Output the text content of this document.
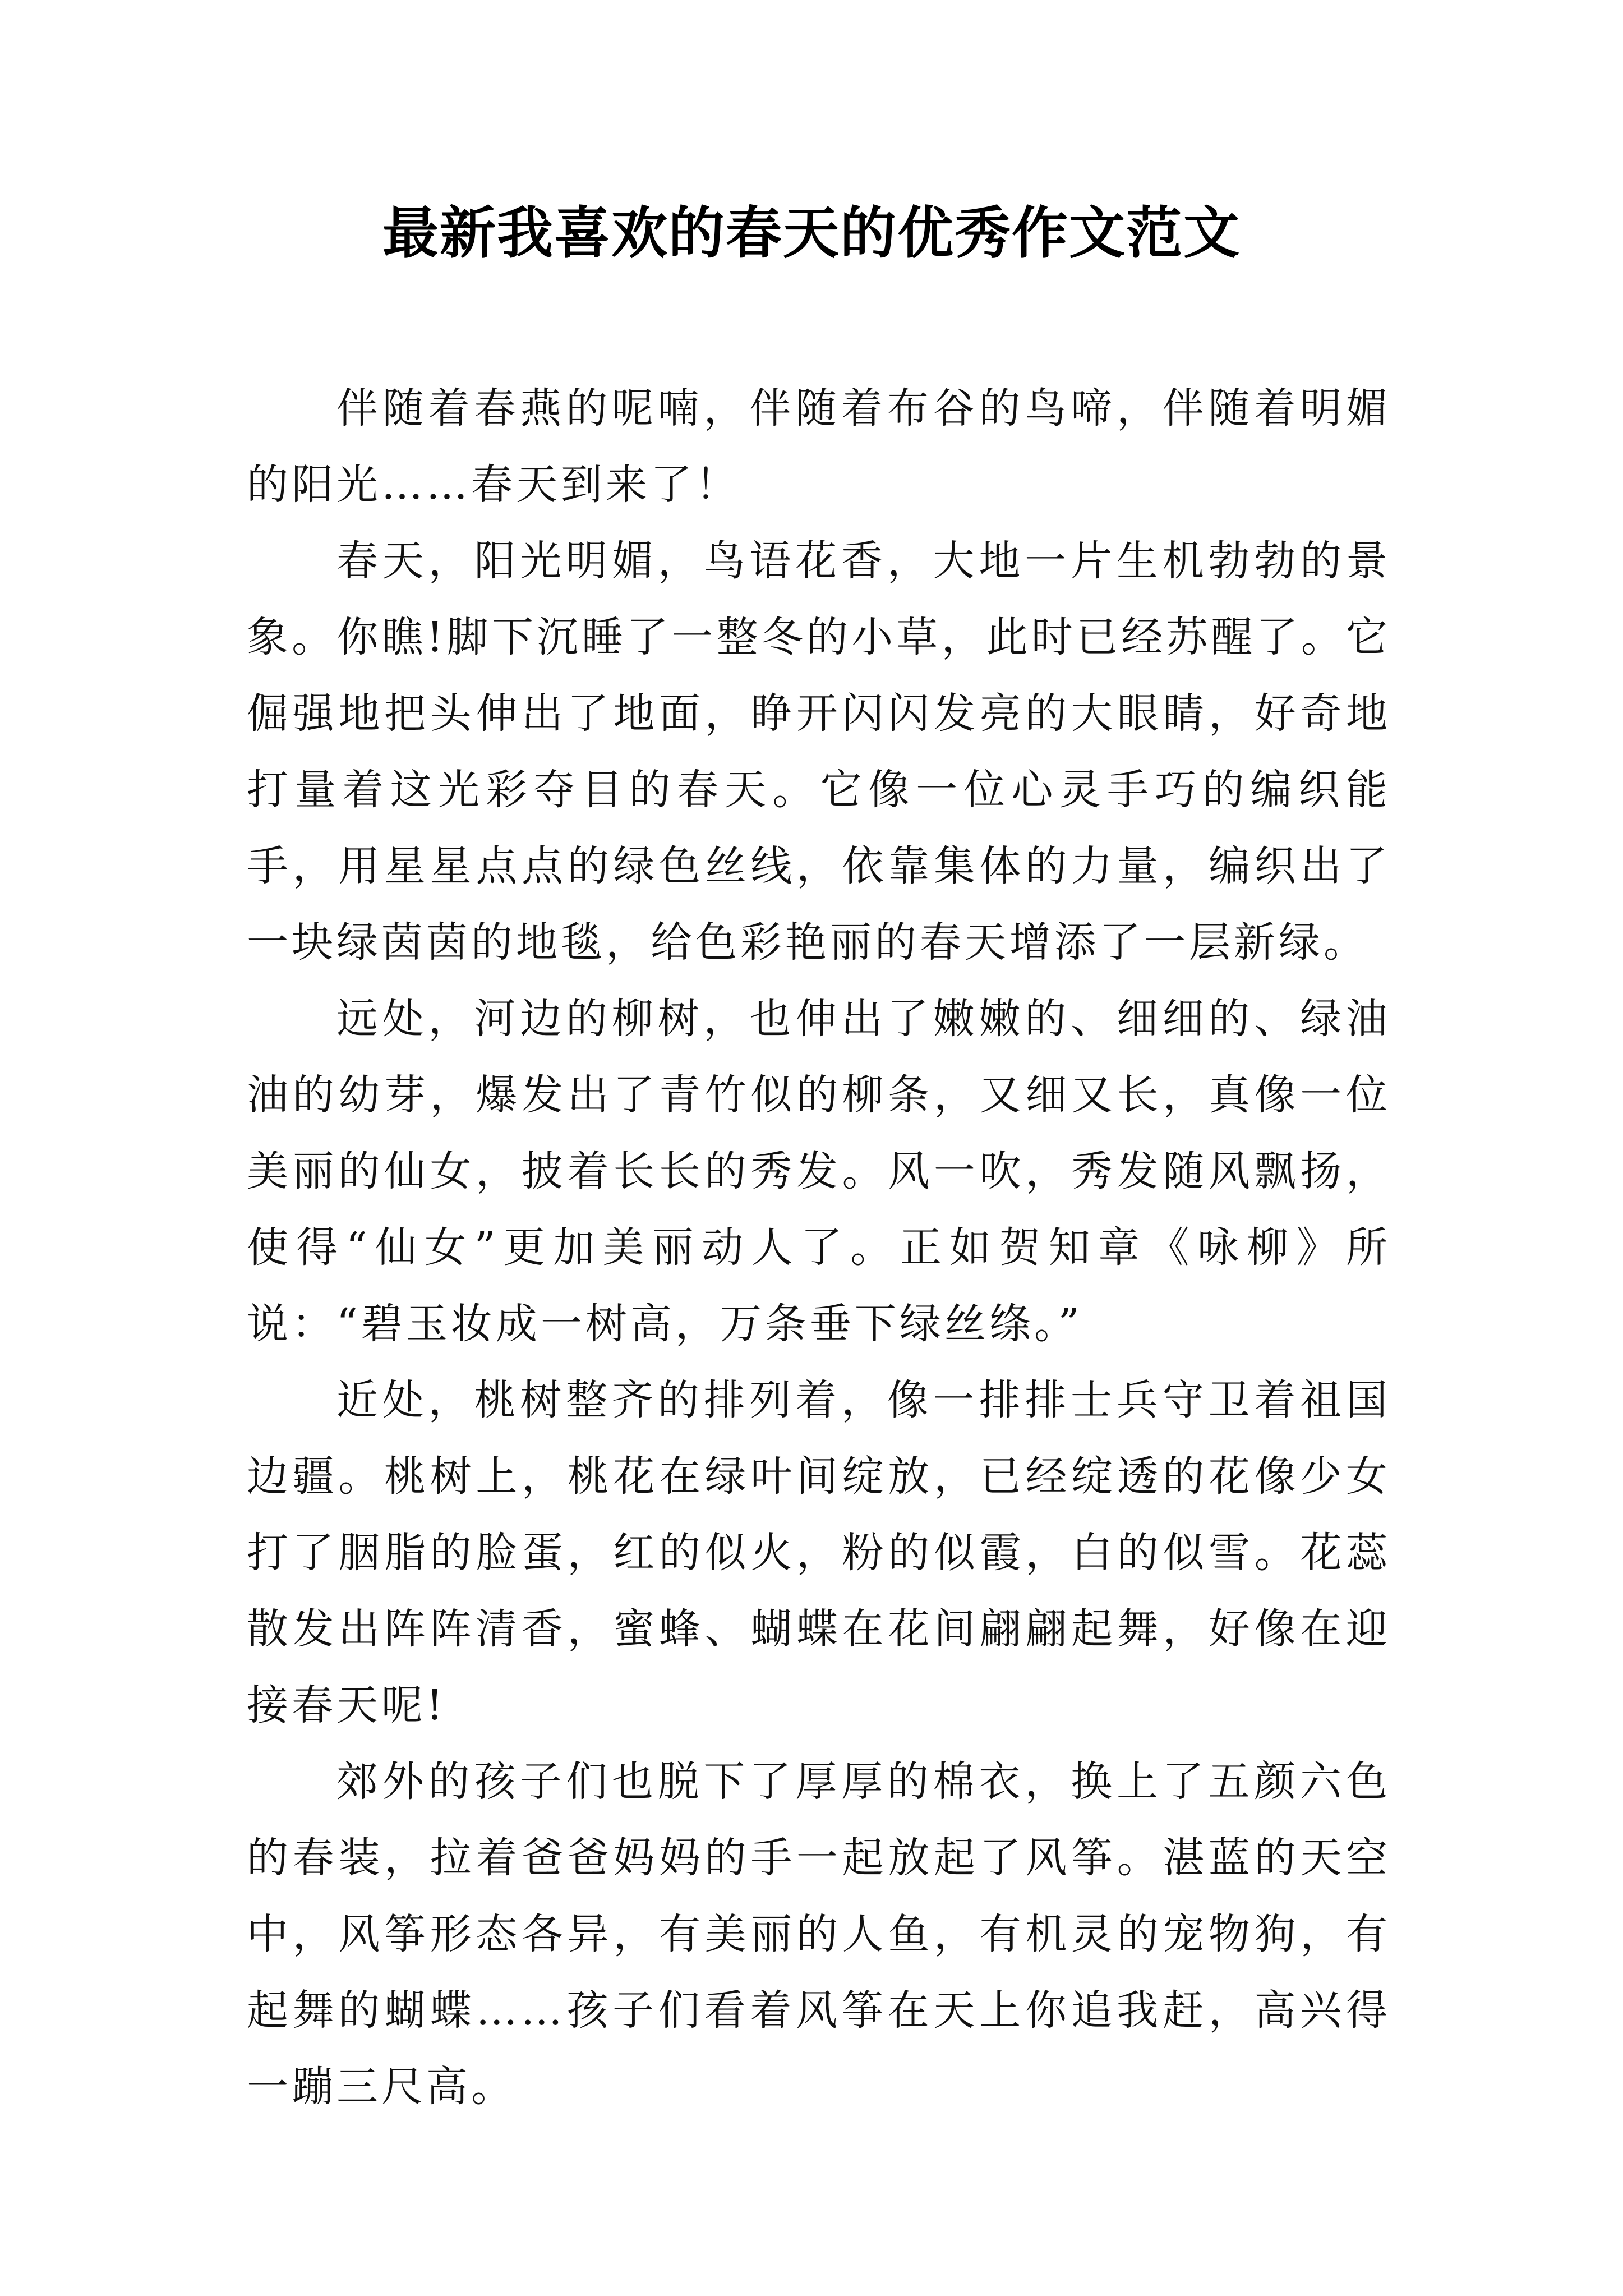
最新我喜欢的春天的优秀作文范文

伴随着春燕的呢喃，伴随着布谷的鸟啼，伴随着明媚的阳光……春天到来了！

春天，阳光明媚，鸟语花香，大地一片生机勃勃的景象。你瞧!脚下沉睡了一整冬的小草，此时已经苏醒了。它倔强地把头伸出了地面，睁开闪闪发亮的大眼睛，好奇地打量着这光彩夺目的春天。它像一位心灵手巧的编织能手，用星星点点的绿色丝线，依靠集体的力量，编织出了一块绿茵茵的地毯，给色彩艳丽的春天增添了一层新绿。

远处，河边的柳树，也伸出了嫩嫩的、细细的、绿油油的幼芽，爆发出了青竹似的柳条，又细又长，真像一位美丽的仙女，披着长长的秀发。风一吹，秀发随风飘扬，使得“仙女”更加美丽动人了。正如贺知章《咏柳》所说：“碧玉妆成一树高，万条垂下绿丝绦。”

近处，桃树整齐的排列着，像一排排士兵守卫着祖国边疆。桃树上，桃花在绿叶间绽放，已经绽透的花像少女打了胭脂的脸蛋，红的似火，粉的似霞，白的似雪。花蕊散发出阵阵清香，蜜蜂、蝴蝶在花间翩翩起舞，好像在迎接春天呢!

郊外的孩子们也脱下了厚厚的棉衣，换上了五颜六色的春装，拉着爸爸妈妈的手一起放起了风筝。湛蓝的天空中，风筝形态各异，有美丽的人鱼，有机灵的宠物狗，有起舞的蝴蝶……孩子们看着风筝在天上你追我赶，高兴得一蹦三尺高。
